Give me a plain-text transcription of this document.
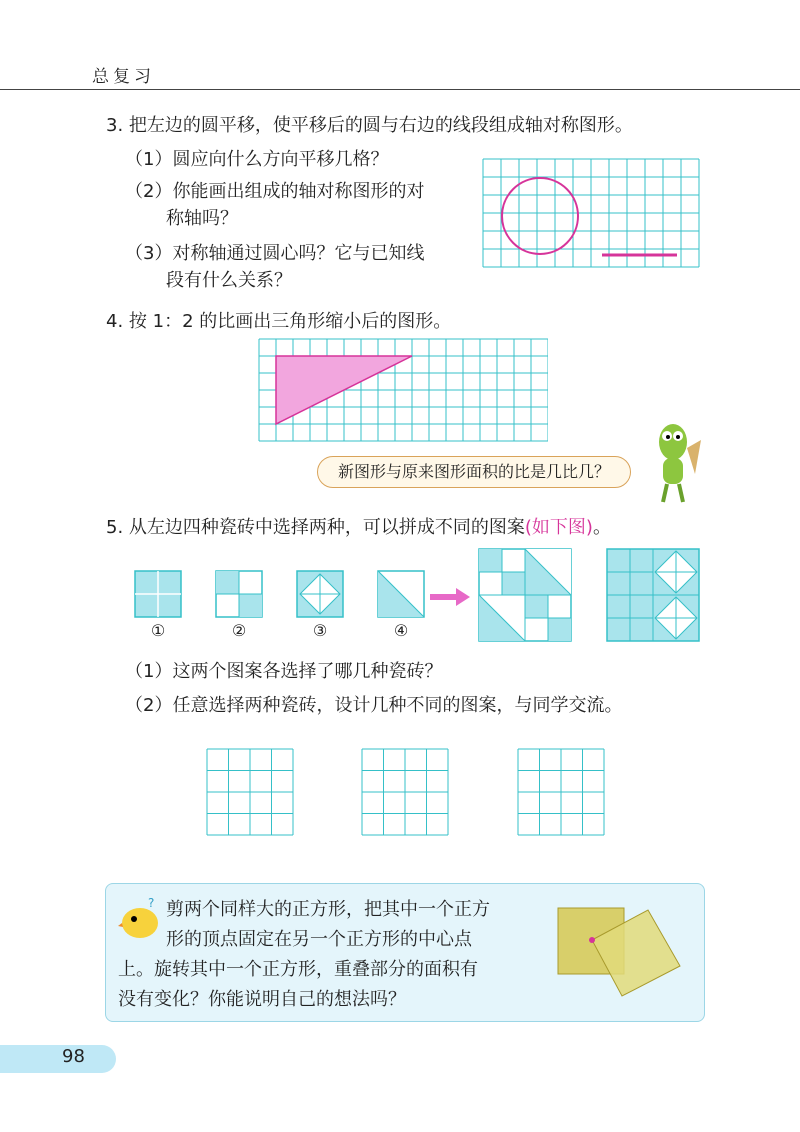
总复习
3. 把左边的圆平移，使平移后的圆与右边的线段组成轴对称图形。
（1）圆应向什么方向平移几格？
（2）你能画出组成的轴对称图形的对
称轴吗？
（3）对称轴通过圆心吗？它与已知线
段有什么关系？
4. 按 1：2 的比画出三角形缩小后的图形。
新图形与原来图形面积的比是几比几？
5. 从左边四种瓷砖中选择两种，可以拼成不同的图案(如下图)。
①	②	③	④
（1）这两个图案各选择了哪几种瓷砖？
（2）任意选择两种瓷砖，设计几种不同的图案，与同学交流。
? 剪两个同样大的正方形，把其中一个正方
形的顶点固定在另一个正方形的中心点
上。旋转其中一个正方形，重叠部分的面积有
没有变化？你能说明自己的想法吗？
98
